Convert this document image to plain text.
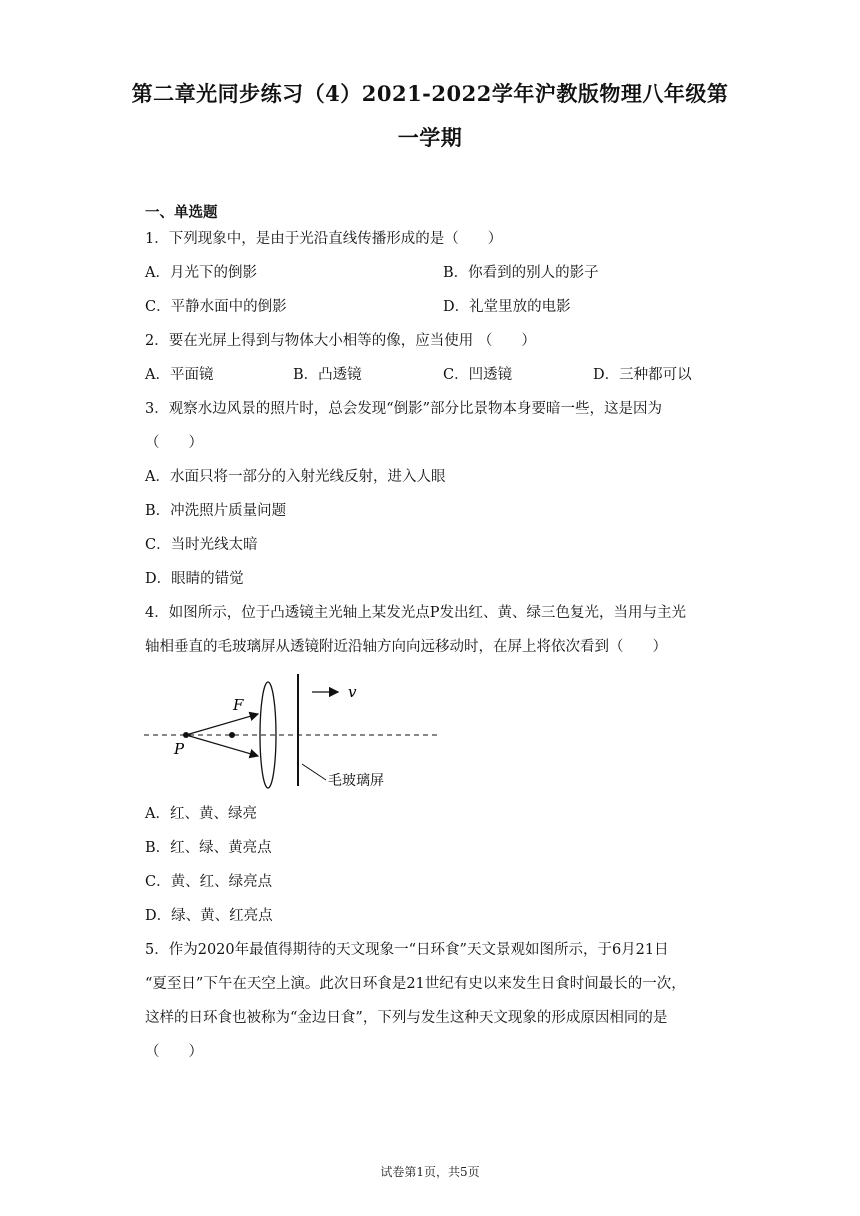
第二章光同步练习（4）2021-2022学年沪教版物理八年级第
一学期
一、单选题
1．下列现象中，是由于光沿直线传播形成的是（　　）
A．月光下的倒影	B．你看到的别人的影子
C．平静水面中的倒影	D．礼堂里放的电影
2．要在光屏上得到与物体大小相等的像，应当使用 （　　）
A．平面镜	B．凸透镜	C．凹透镜	D．三种都可以
3．观察水边风景的照片时，总会发现“倒影”部分比景物本身要暗一些，这是因为
（　　）
A．水面只将一部分的入射光线反射，进入人眼
B．冲洗照片质量问题
C．当时光线太暗
D．眼睛的错觉
4．如图所示，位于凸透镜主光轴上某发光点P发出红、黄、绿三色复光，当用与主光
轴相垂直的毛玻璃屏从透镜附近沿轴方向向远移动时，在屏上将依次看到（　　）
v
F
P
毛玻璃屏
A．红、黄、绿亮
B．红、绿、黄亮点
C．黄、红、绿亮点
D．绿、黄、红亮点
5．作为2020年最值得期待的天文现象一“日环食”天文景观如图所示，于6月21日
“夏至日”下午在天空上演。此次日环食是21世纪有史以来发生日食时间最长的一次，
这样的日环食也被称为“金边日食”，下列与发生这种天文现象的形成原因相同的是
（　　）
试卷第1页，共5页
